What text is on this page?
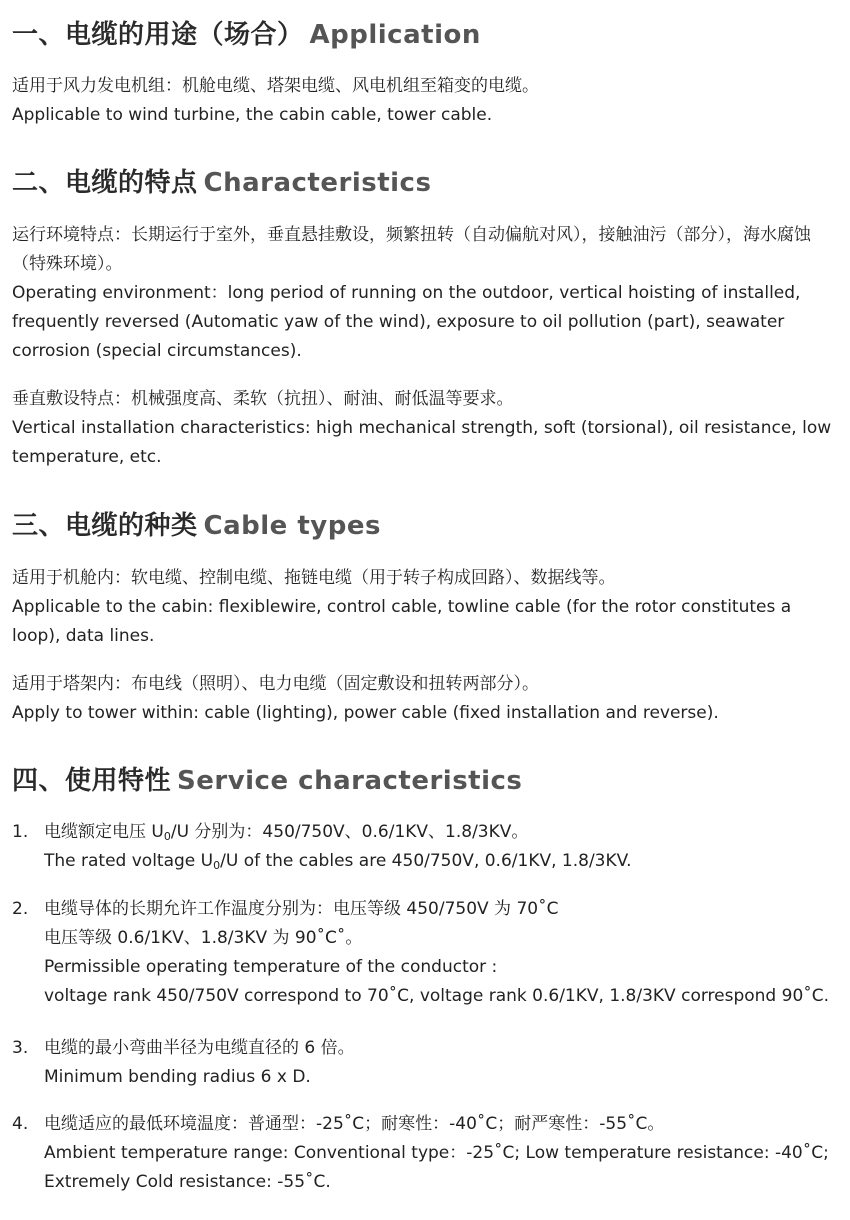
一、电缆的用途（场合） Application

适用于风力发电机组：机舱电缆、塔架电缆、风电机组至箱变的电缆。

Applicable to wind turbine, the cabin cable, tower cable.

二、电缆的特点 Characteristics

运行环境特点：长期运行于室外，垂直悬挂敷设，频繁扭转（自动偏航对风），接触油污（部分），海水腐蚀（特殊环境）。

Operating environment：long period of running on the outdoor, vertical hoisting of installed, frequently reversed (Automatic yaw of the wind), exposure to oil pollution (part), seawater corrosion (special circumstances).

垂直敷设特点：机械强度高、柔软（抗扭）、耐油、耐低温等要求。

Vertical installation characteristics: high mechanical strength, soft (torsional), oil resistance, low temperature, etc.

三、电缆的种类 Cable types

适用于机舱内：软电缆、控制电缆、拖链电缆（用于转子构成回路）、数据线等。

Applicable to the cabin: flexiblewire, control cable, towline cable (for the rotor constitutes a loop), data lines.

适用于塔架内：布电线（照明）、电力电缆（固定敷设和扭转两部分）。

Apply to tower within: cable (lighting), power cable (fixed installation and reverse).

四、使用特性 Service characteristics
1. 电缆额定电压 $U_0/U$ 分别为：450/750V、0.6/1KV、1.8/3KV。
The rated voltage $U_0/U$ of the cables are 450/750V, 0.6/1KV, 1.8/3KV.
2. 电缆导体的长期允许工作温度分别为：电压等级 450/750V 为 70˚C
电压等级 0.6/1KV、1.8/3KV 为 90˚C˚。
Permissible operating temperature of the conductor :
voltage rank 450/750V correspond to 70˚C, voltage rank 0.6/1KV, 1.8/3KV correspond 90˚C.
3. 电缆的最小弯曲半径为电缆直径的 6 倍。
Minimum bending radius 6 x D.
4. 电缆适应的最低环境温度：普通型：-25˚C；耐寒性：-40˚C；耐严寒性：-55˚C。
Ambient temperature range: Conventional type：-25˚C; Low temperature resistance: -40˚C;
Extremely Cold resistance: -55˚C.
